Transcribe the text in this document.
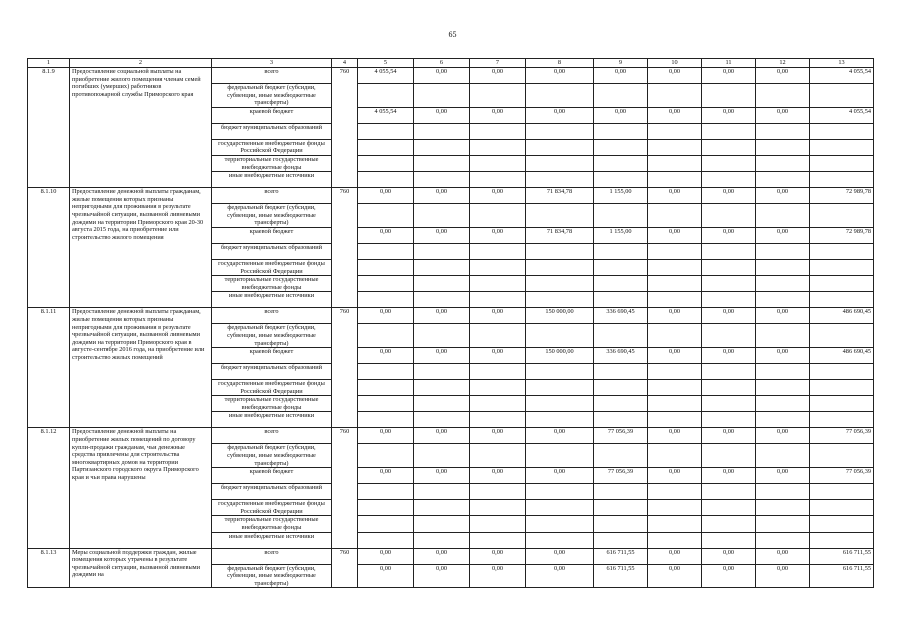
65
1	2	3	4	5	6	7	8	9	10	11	12	13
8.1.9	Предоставление социальной выплаты на приобретение жилого помещения членам семей погибших (умерших) работников противопожарной службы Приморского края	всего	760	4 055,54	0,00	0,00	0,00	0,00	0,00	0,00	0,00	4 055,54
		федеральный бюджет (субсидии, субвенции, иные межбюджетные трансферты)										
		краевой бюджет		4 055,54	0,00	0,00	0,00	0,00	0,00	0,00	0,00	4 055,54
		бюджет муниципальных образований										
		государственные внебюджетные фонды Российской Федерации										
		территориальные государственные внебюджетные фонды										
		иные внебюджетные источники										
8.1.10	Предоставление денежной выплаты гражданам, жилые помещения которых признаны непригодными для проживания в результате чрезвычайной ситуации, вызванной ливневыми дождями на территории Приморского края 20-30 августа 2015 года, на приобретение или строительство жилого помещения	всего	760	0,00	0,00	0,00	71 834,78	1 155,00	0,00	0,00	0,00	72 989,78
		федеральный бюджет (субсидии, субвенции, иные межбюджетные трансферты)										
		краевой бюджет		0,00	0,00	0,00	71 834,78	1 155,00	0,00	0,00	0,00	72 989,78
		бюджет муниципальных образований										
		государственные внебюджетные фонды Российской Федерации										
		территориальные государственные внебюджетные фонды										
		иные внебюджетные источники										
8.1.11	Предоставление денежной выплаты гражданам, жилые помещения которых признаны непригодными для проживания в результате чрезвычайной ситуации, вызванной ливневыми дождями на территории Приморского края в августе-сентябре 2016 года, на приобретение или строительство жилых помещений	всего	760	0,00	0,00	0,00	150 000,00	336 690,45	0,00	0,00	0,00	486 690,45
		федеральный бюджет (субсидии, субвенции, иные межбюджетные трансферты)										
		краевой бюджет		0,00	0,00	0,00	150 000,00	336 690,45	0,00	0,00	0,00	486 690,45
		бюджет муниципальных образований										
		государственные внебюджетные фонды Российской Федерации										
		территориальные государственные внебюджетные фонды										
		иные внебюджетные источники										
8.1.12	Предоставление денежной выплаты на приобретение жилых помещений по договору купли-продажи гражданам, чьи денежные средства привлечены для строительства многоквартирных домов на территории Партизанского городского округа Приморского края и чьи права нарушены	всего	760	0,00	0,00	0,00	0,00	77 056,39	0,00	0,00	0,00	77 056,39
		федеральный бюджет (субсидии, субвенции, иные межбюджетные трансферты)										
		краевой бюджет		0,00	0,00	0,00	0,00	77 056,39	0,00	0,00	0,00	77 056,39
		бюджет муниципальных образований										
		государственные внебюджетные фонды Российской Федерации										
		территориальные государственные внебюджетные фонды										
		иные внебюджетные источники										
8.1.13	Меры социальной поддержки граждан, жилые помещения которых утрачены в результате чрезвычайной ситуации, вызванной ливневыми дождями на	всего	760	0,00	0,00	0,00	0,00	616 711,55	0,00	0,00	0,00	616 711,55
		федеральный бюджет (субсидии, субвенции, иные межбюджетные трансферты)		0,00	0,00	0,00	0,00	616 711,55	0,00	0,00	0,00	616 711,55
